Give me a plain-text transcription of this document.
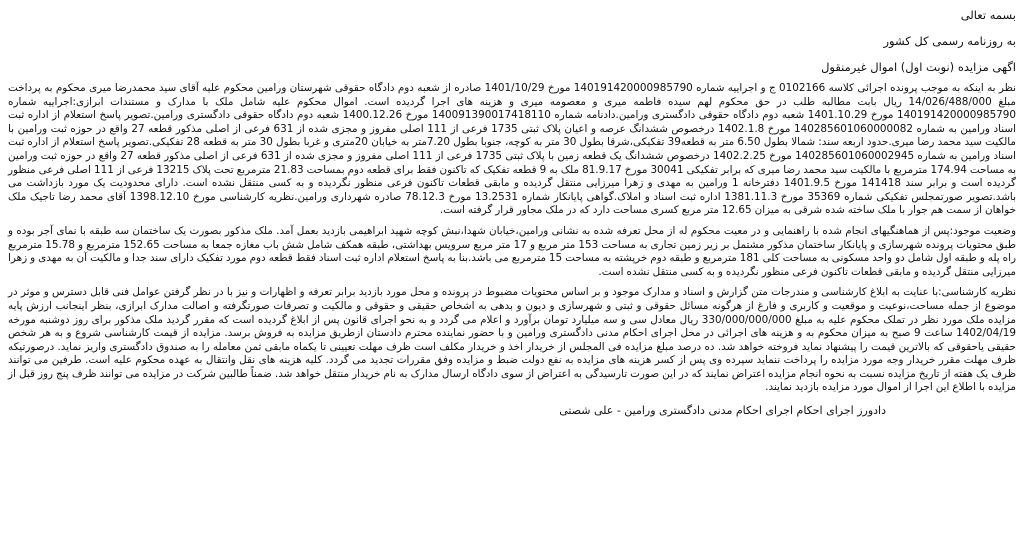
بسمه تعالی
به روزنامه رسمی کل کشور
اگهی مزایده (نوبت اول) اموال غیرمنقول

نظر به اینکه به موجب پرونده اجرائی کلاسه 0102166 ج و اجراییه شماره 140191420000985790 مورخ 1401/10/29 صادره از شعبه دوم دادگاه حقوقی شهرستان ورامین محکوم علیه آقای سید محمدرضا میری محکوم به پرداخت مبلغ 14/026/488/000 ریال بابت مطالبه طلب در حق محکوم لهم سیده فاطمه میری و معصومه میری و هزینه های اجرا گردیده است. اموال محکوم علیه شامل ملک با مدارک و مستندات ابرازی:اجراییه شماره 140191420000985790 مورخ 1401.10.29 شعبه دوم دادگاه حقوقی دادگستری ورامین.دادنامه شماره 140091390017418110 مورخ 1400.12.26 شعبه دوم دادگاه حقوقی دادگستری ورامین.تصویر پاسخ استعلام از اداره ثبت اسناد ورامین به شماره 140285601060000082 مورخ 1402.1.8 درخصوص ششدانگ عرصه و اعیان پلاک ثبتی 1735 فرعی از 111 اصلی مفروز و مجزی شده از 631 فرعی از اصلی مذکور قطعه 27 واقع در حوزه ثبت ورامین با مالکیت سید محمد رضا میری.حدود اربعه سند: شمالا بطول 6.50 متر به قطعه39 تفکیکی،شرقا بطول 30 متر به کوچه، جنوبا بطول 7.20متر به خیابان 20متری و غربا بطول 30 متر به قطعه 28 تفکیکی.تصویر پاسخ استعلام از اداره ثبت اسناد ورامین به شماره 140285601060002945 مورخ 1402.2.25 درخصوص ششدانگ یک قطعه زمین با پلاک ثبتی 1735 فرعی از 111 اصلی مفروز و مجزی شده از 631 فرعی از اصلی مذکور قطعه 27 واقع در حوزه ثبت ورامین به مساحت 174.94 مترمربع با مالکیت سید محمد رضا میری که برابر تفکیکی 30041 مورخ 81.9.17 ملک به 9 قطعه تفکیک که تاکنون فقط برای قطعه دوم بمساحت 21.83 مترمربع تحت پلاک 13215 فرعی از 111 اصلی فرعی منظور گردیده است و برابر سند 141418 مورخ 1401.9.5 دفترخانه 1 ورامین به مهدی و زهرا میرزایی منتقل گردیده و مابقی قطعات تاکنون فرعی منظور نگردیده و به کسی منتقل نشده است. دارای محدودیت یک مورد بازداشت می باشد.تصویر صورتمجلس تفکیکی شماره 35369 مورخ 1381.11.3 اداره ثبت اسناد و املاک.گواهی پایانکار شماره 13.2531 مورخ 78.12.3 صادره شهرداری ورامین.نظریه کارشناسی مورخ 1398.12.10 آقای محمد رضا تاجیک ملک خواهان از سمت هم جوار با ملک ساخته شده شرقی به میزان 12.65 متر مربع کسری مساحت دارد که در ملک مجاور قرار گرفته است.

وضعیت موجود:پس از هماهنگیهای انجام شده با راهنمایی و در معیت محکوم له از محل تعرفه شده به نشانی ورامین،خیابان شهدا،نبش کوچه شهید ابراهیمی بازدید بعمل آمد. ملک مذکور بصورت یک ساختمان سه طبقه با نمای آجر بوده و طبق محتویات پرونده شهرسازی و پایانکار ساختمان مذکور مشتمل بر زیر زمین تجاری به مساحت 153 متر مربع و 17 متر مربع سرویس بهداشتی، طبقه همکف شامل شش باب مغازه جمعا به مساحت 152.65 مترمربع و 15.78 مترمربع راه پله و طبقه اول شامل دو واحد مسکونی به مساحت کلی 181 مترمربع و طبقه دوم خرپشته به مساحت 15 مترمربع می باشد.بنا به پاسخ استعلام اداره ثبت اسناد فقط قطعه دوم مورد تفکیک دارای سند جدا و مالکیت آن به مهدی و زهرا میرزایی منتقل گردیده و مابقی قطعات تاکنون فرعی منظور نگردیده و به کسی منتقل نشده است.

نظریه کارشناسی:با عنایت به ابلاغ کارشناسی و مندرجات متن گزارش و اسناد و مدارک موجود و بر اساس محتویات مضبوط در پرونده و محل مورد بازدید برابر تعرفه و اظهارات و نیز با در نظر گرفتن عوامل فنی قابل دسترس و موثر در موضوع از جمله مساحت،نوعیت و موقعیت و کاربری و فارغ از هرگونه مسائل حقوقی و ثبتی و شهرسازی و دیون و بدهی به اشخاص حقیقی و حقوقی و مالکیت و تصرفات صورتگرفته و اصالت مدارک ابرازی، بنظر اینجانب ارزش پایه مزایده ملک مورد نظر در تملک محکوم علیه به مبلغ 330/000/000/000 ریال معادل سی و سه میلیارد تومان برآورد و اعلام می گردد و به نحو اجرای قانون پس از ابلاغ گردیده است که مقرر گردید ملک مذکور برای روز دوشنبه مورخه 1402/04/19 ساعت 9 صبح به میزان محکوم به و هزینه های اجرائی در محل اجرای احکام مدنی دادگستری ورامین و با حضور نماینده محترم دادستان ازطریق مزایده به فروش برسد. مزایده از قیمت کارشناسی شروع و به هر شخص حقیقی یاحقوقی که بالاترین قیمت را پیشنهاد نماید فروخته خواهد شد. ده درصد مبلغ مزایده فی المجلس از خریدار اخذ و خریدار مکلف است ظرف مهلت تعیینی تا یکماه مابقی ثمن معامله را به صندوق دادگستری واریز نماید. درصورتیکه ظرف مهلت مقرر خریدار وجه مورد مزایده را پرداخت ننماید سپرده وی پس از کسر هزینه های مزایده به نفع دولت ضبط و مزایده وفق مقررات تجدید می گردد. کلیه هزینه های نقل وانتقال به عهده محکوم علیه است. طرفین می توانند ظرف یک هفته از تاریخ مزایده نسبت به نحوه انجام مزایده اعتراض نمایند که در این صورت تارسیدگی به اعتراض از سوی دادگاه ارسال مدارک به نام خریدار منتقل خواهد شد. ضمناً طالبین شرکت در مزایده می توانند ظرف پنج روز قبل از مزایده با اطلاع این اجرا از اموال مورد مزایده بازدید نمایند.

دادورز اجرای احکام اجرای احکام مدنی دادگستری ورامین - علی شصتی
